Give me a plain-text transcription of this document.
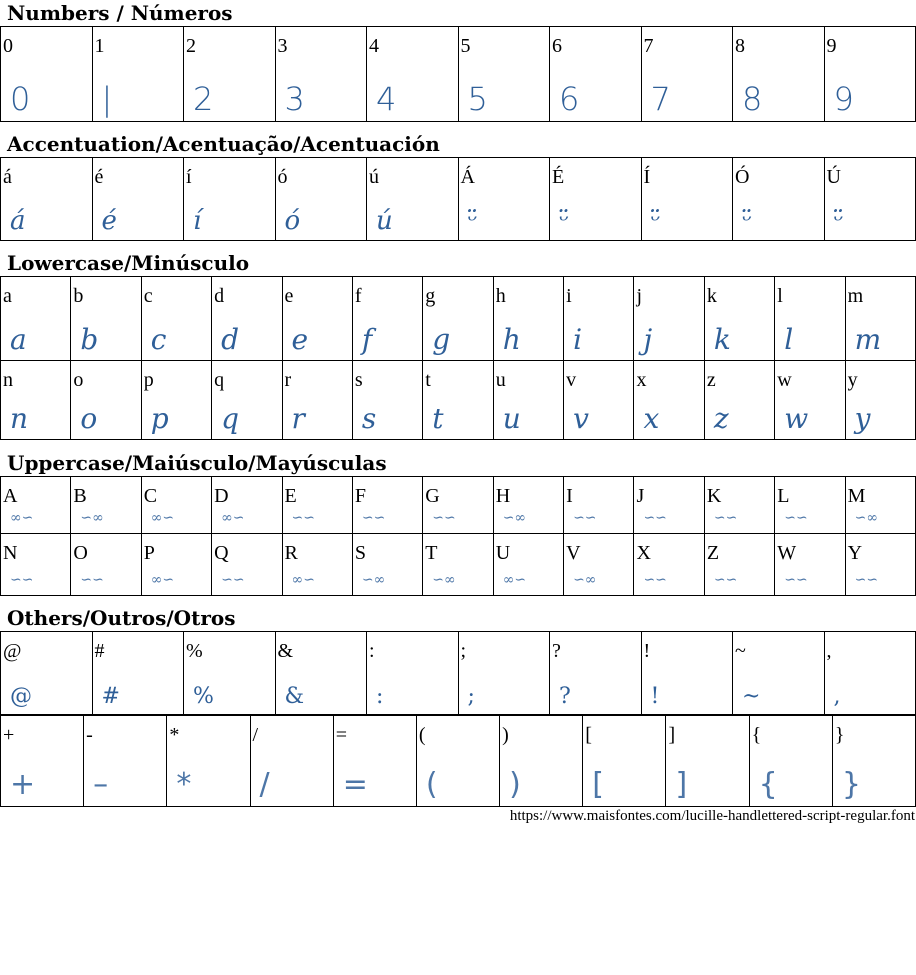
Numbers / Números
0
0
1
|
2
2
3
3
4
4
5
5
6
6
7
7
8
8
9
9
Accentuation/Acentuação/Acentuación
á
á
é
é
í
í
ó
ó
ú
ú
Á
ᵕ̈
É
ᵕ̈
Í
ᵕ̈
Ó
ᵕ̈
Ú
ᵕ̈
Lowercase/Minúsculo
a
a
b
b
c
c
d
d
e
e
f
f
g
g
h
h
i
i
j
j
k
k
l
l
m
m
n
n
o
o
p
p
q
q
r
r
s
s
t
t
u
u
v
v
x
x
z
z
w
w
y
y
Uppercase/Maiúsculo/Mayúsculas
A
∞∽
B
∽∞
C
∞∽
D
∞∽
E
∽∽
F
∽∽
G
∽∽
H
∽∞
I
∽∽
J
∽∽
K
∽∽
L
∽∽
M
∽∞
N
∽∽
O
∽∽
P
∞∽
Q
∽∽
R
∞∽
S
∽∞
T
∽∞
U
∞∽
V
∽∞
X
∽∽
Z
∽∽
W
∽∽
Y
∽∽
Others/Outros/Otros
@
@
#
#
%
%
&
&
:
:
;
;
?
?
!
!
~
~
,
,
+
+
-
–
*
*
/
/
=
=
(
(
)
)
[
[
]
]
{
{
}
}
https://www.maisfontes.com/lucille-handlettered-script-regular.font
